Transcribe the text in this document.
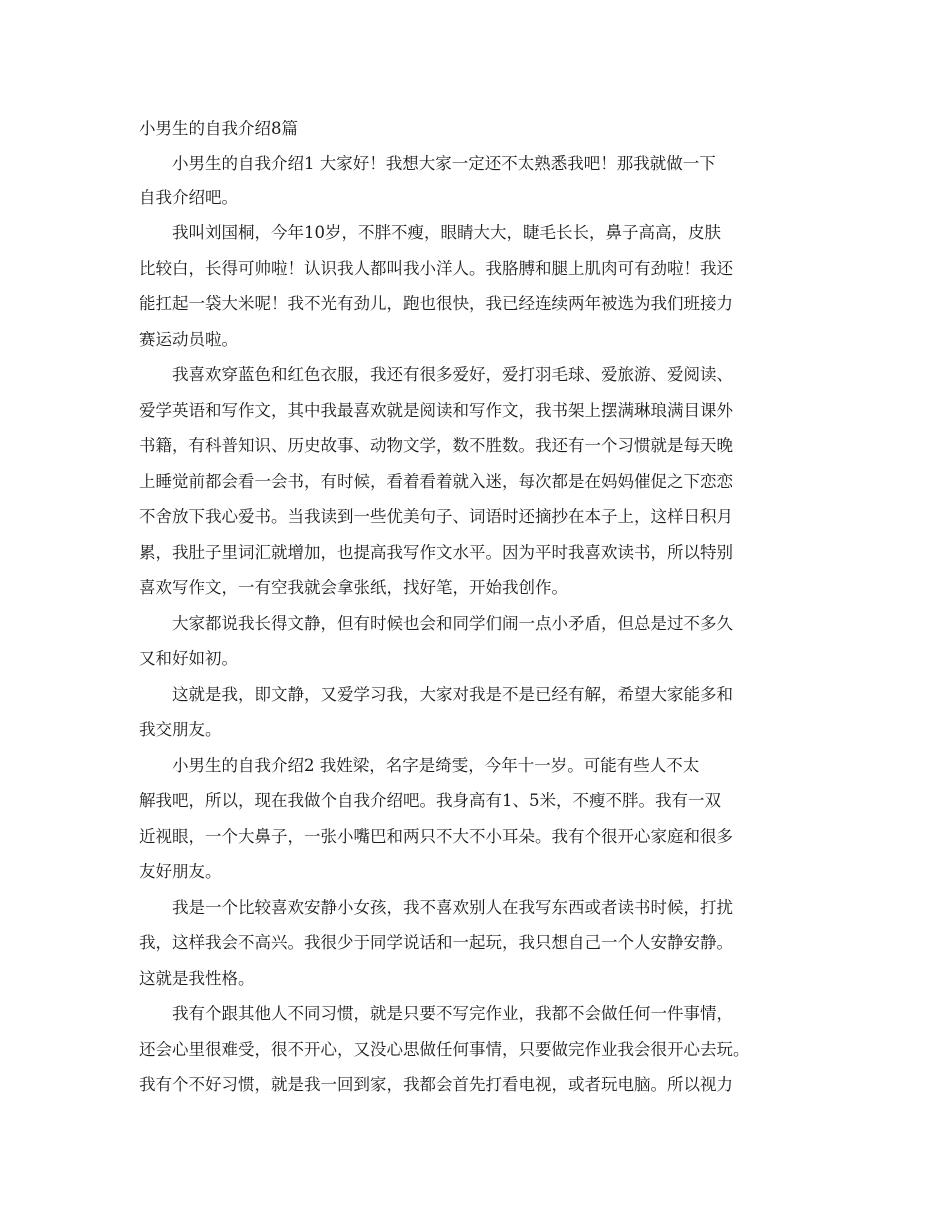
小男生的自我介绍8篇
小男生的自我介绍1 大家好！我想大家一定还不太熟悉我吧！那我就做一下
自我介绍吧。
我叫刘国桐，今年10岁，不胖不瘦，眼睛大大，睫毛长长，鼻子高高，皮肤
比较白，长得可帅啦！认识我人都叫我小洋人。我胳膊和腿上肌肉可有劲啦！我还
能扛起一袋大米呢！我不光有劲儿，跑也很快，我已经连续两年被选为我们班接力
赛运动员啦。
我喜欢穿蓝色和红色衣服，我还有很多爱好，爱打羽毛球、爱旅游、爱阅读、
爱学英语和写作文，其中我最喜欢就是阅读和写作文，我书架上摆满琳琅满目课外
书籍，有科普知识、历史故事、动物文学，数不胜数。我还有一个习惯就是每天晚
上睡觉前都会看一会书，有时候，看着看着就入迷，每次都是在妈妈催促之下恋恋
不舍放下我心爱书。当我读到一些优美句子、词语时还摘抄在本子上，这样日积月
累，我肚子里词汇就增加，也提高我写作文水平。因为平时我喜欢读书，所以特别
喜欢写作文，一有空我就会拿张纸，找好笔，开始我创作。
大家都说我长得文静，但有时候也会和同学们闹一点小矛盾，但总是过不多久
又和好如初。
这就是我，即文静，又爱学习我，大家对我是不是已经有解，希望大家能多和
我交朋友。
小男生的自我介绍2 我姓梁，名字是绮雯，今年十一岁。可能有些人不太
解我吧，所以，现在我做个自我介绍吧。我身高有1、5米，不瘦不胖。我有一双
近视眼，一个大鼻子，一张小嘴巴和两只不大不小耳朵。我有个很开心家庭和很多
友好朋友。
我是一个比较喜欢安静小女孩，我不喜欢别人在我写东西或者读书时候，打扰
我，这样我会不高兴。我很少于同学说话和一起玩，我只想自己一个人安静安静。
这就是我性格。
我有个跟其他人不同习惯，就是只要不写完作业，我都不会做任何一件事情，
还会心里很难受，很不开心，又没心思做任何事情，只要做完作业我会很开心去玩。
我有个不好习惯，就是我一回到家，我都会首先打看电视，或者玩电脑。所以视力
